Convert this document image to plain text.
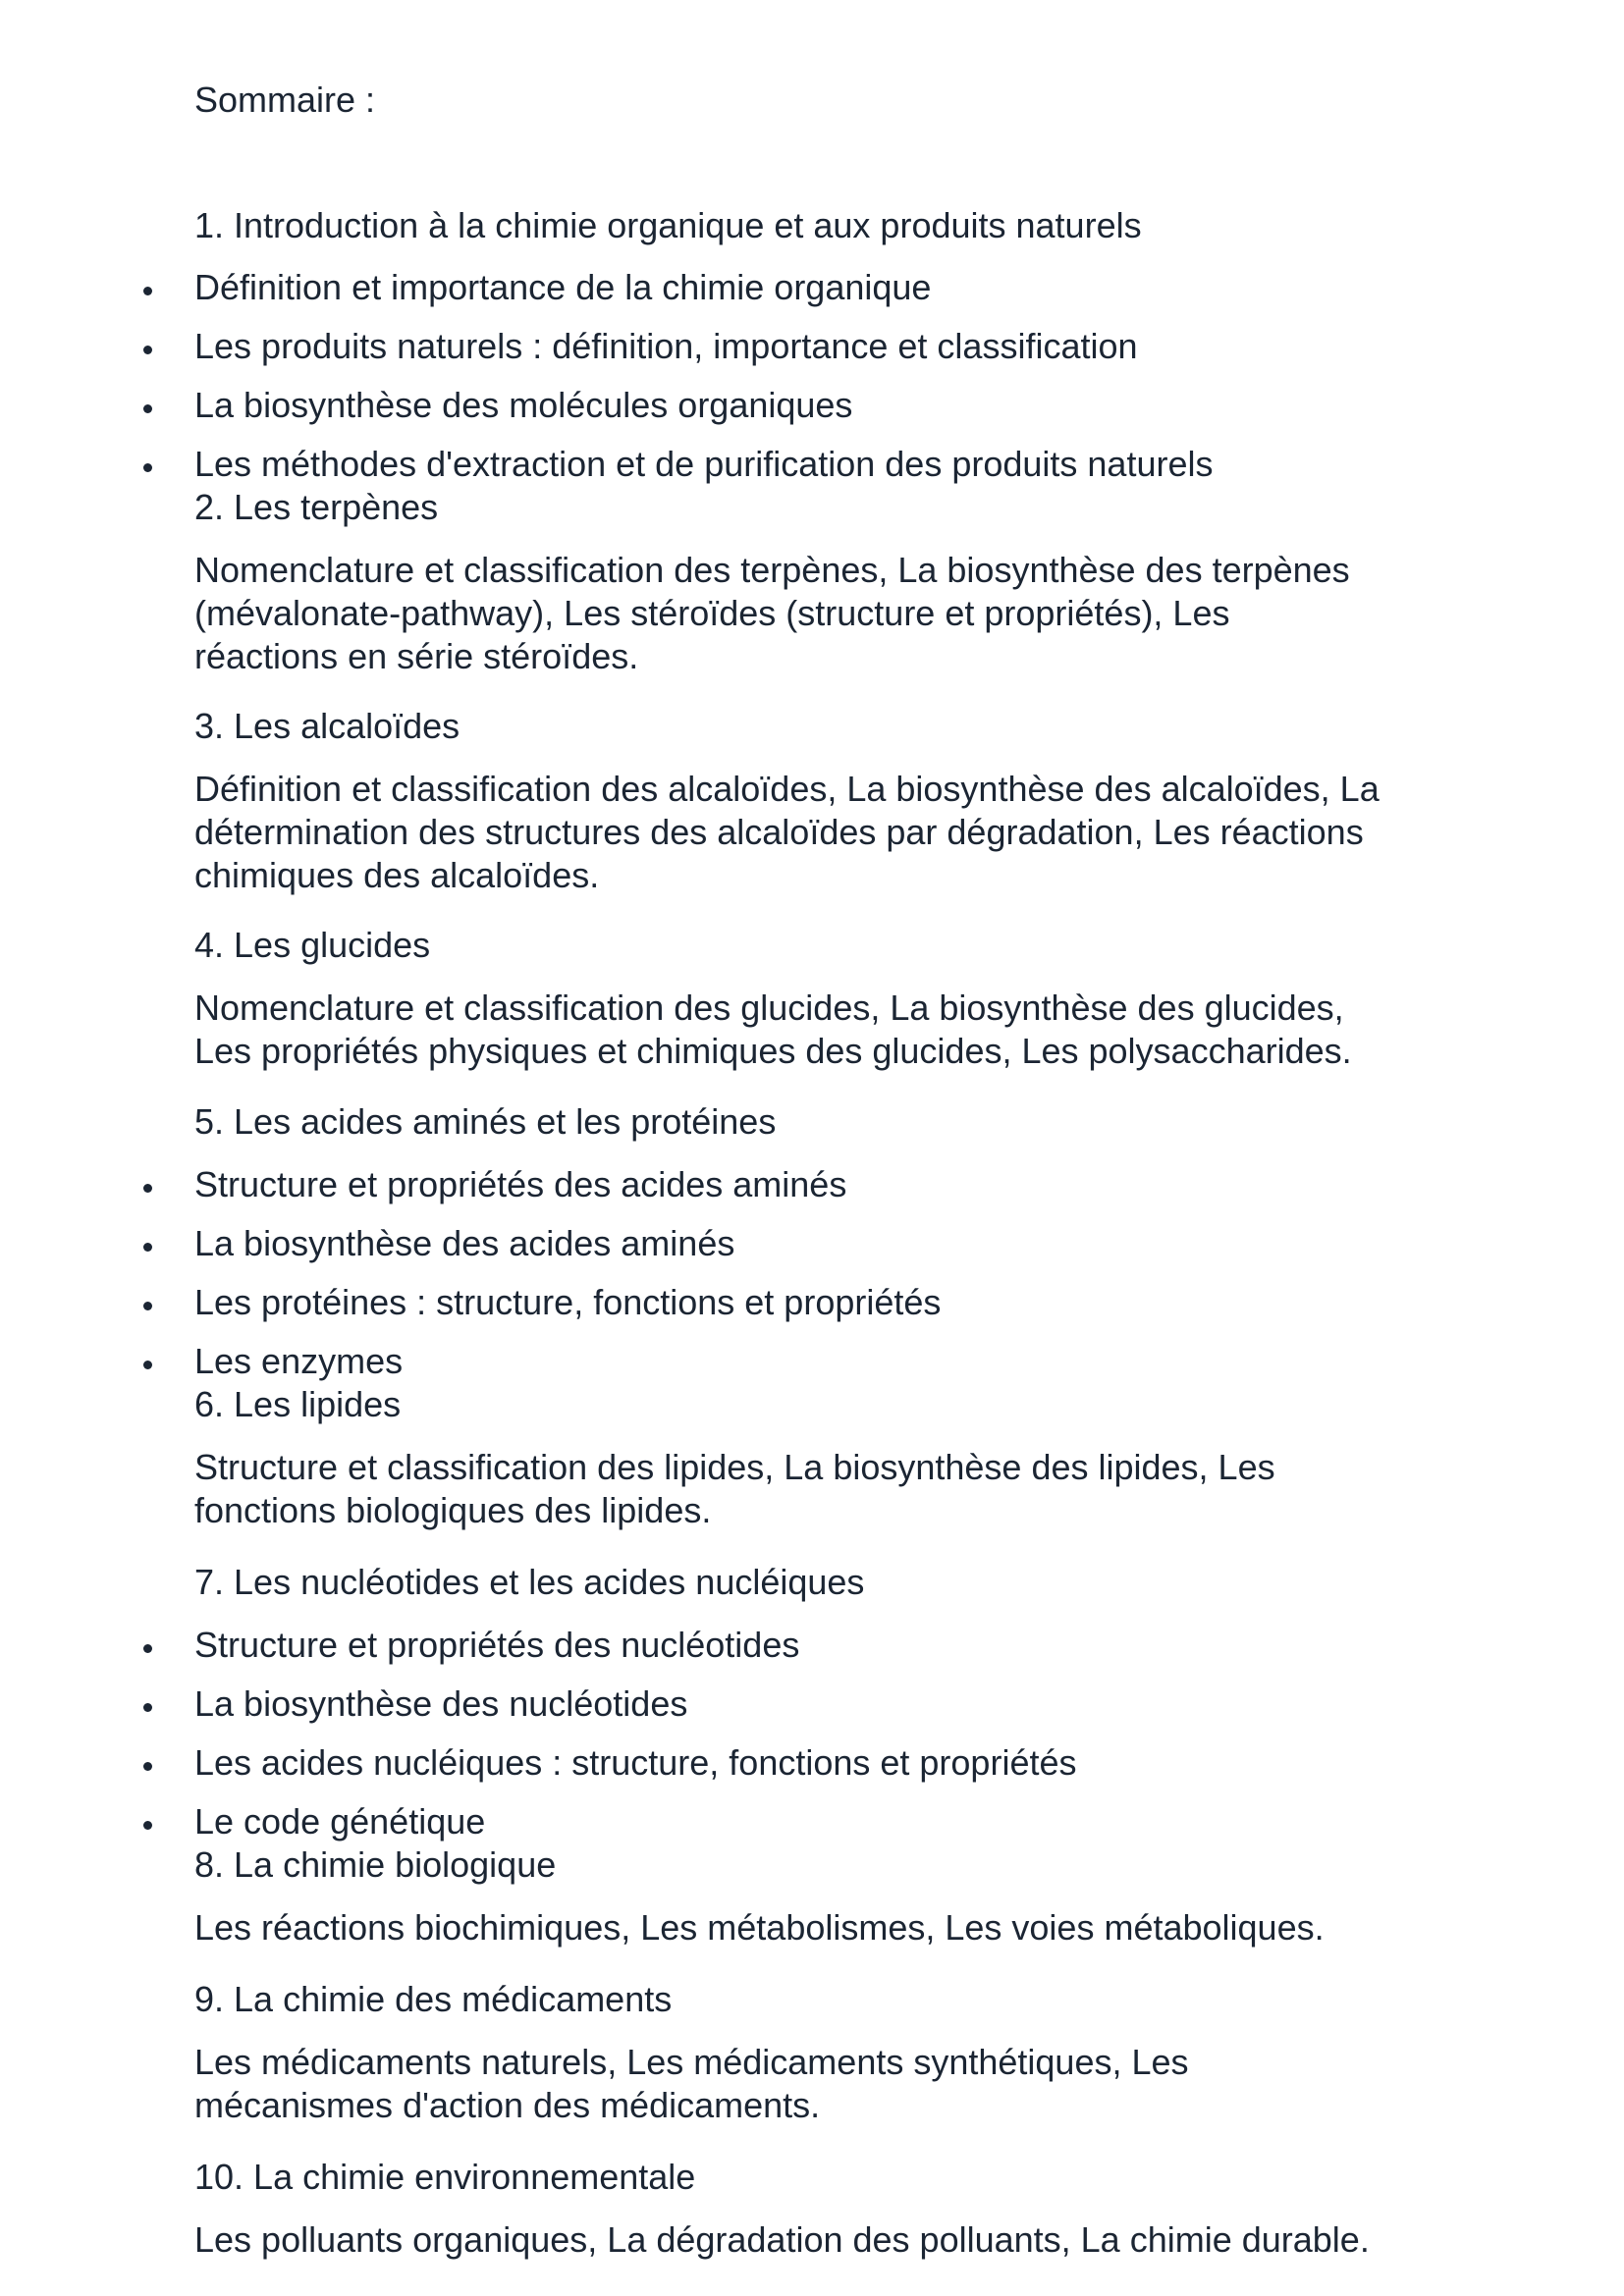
Sommaire :

1. Introduction à la chimie organique et aux produits naturels

Définition et importance de la chimie organique

Les produits naturels : définition, importance et classification

La biosynthèse des molécules organiques

Les méthodes d'extraction et de purification des produits naturels

2. Les terpènes

Nomenclature et classification des terpènes, La biosynthèse des terpènes
(mévalonate-pathway), Les stéroïdes (structure et propriétés), Les
réactions en série stéroïdes.

3. Les alcaloïdes

Définition et classification des alcaloïdes, La biosynthèse des alcaloïdes, La
détermination des structures des alcaloïdes par dégradation, Les réactions
chimiques des alcaloïdes.

4. Les glucides

Nomenclature et classification des glucides, La biosynthèse des glucides,
Les propriétés physiques et chimiques des glucides, Les polysaccharides.

5. Les acides aminés et les protéines

Structure et propriétés des acides aminés

La biosynthèse des acides aminés

Les protéines : structure, fonctions et propriétés

Les enzymes

6. Les lipides

Structure et classification des lipides, La biosynthèse des lipides, Les
fonctions biologiques des lipides.

7. Les nucléotides et les acides nucléiques

Structure et propriétés des nucléotides

La biosynthèse des nucléotides

Les acides nucléiques : structure, fonctions et propriétés

Le code génétique

8. La chimie biologique

Les réactions biochimiques, Les métabolismes, Les voies métaboliques.

9. La chimie des médicaments

Les médicaments naturels, Les médicaments synthétiques, Les
mécanismes d'action des médicaments.

10. La chimie environnementale

Les polluants organiques, La dégradation des polluants, La chimie durable.
